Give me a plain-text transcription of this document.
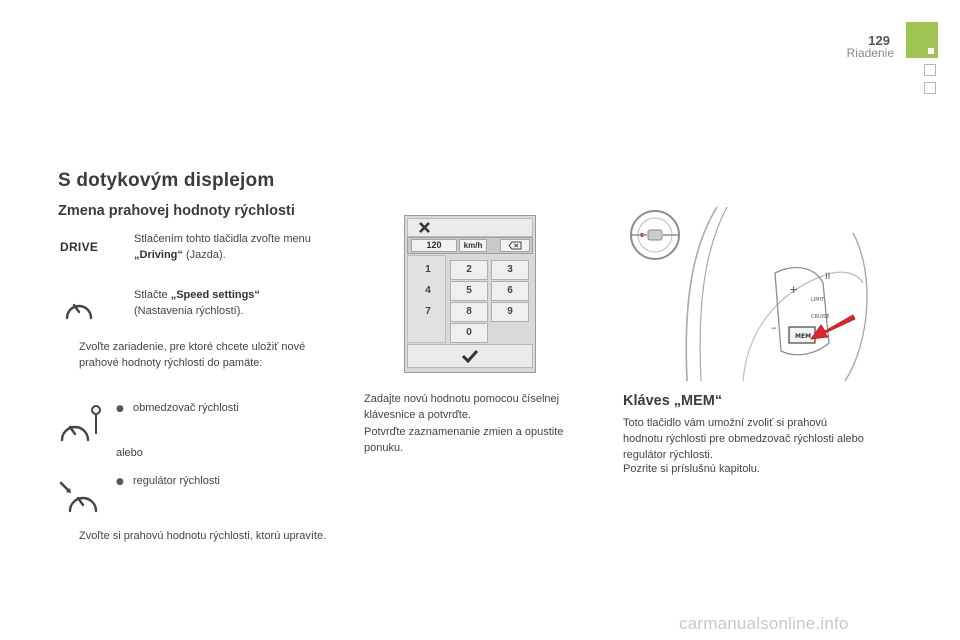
129
Riadenie
S dotykovým displejom
Zmena prahovej hodnoty rýchlosti
DRIVE
Stlačením tohto tlačidla zvoľte menu „Driving“ (Jazda).
Stlačte „Speed settings“
(Nastavenia rýchlostí).
Zvoľte zariadenie, pre ktoré chcete uložiť nové prahové hodnoty rýchlosti do pamäte:
● obmedzovač rýchlosti
alebo
● regulátor rýchlosti
Zvoľte si prahovú hodnotu rýchlosti, ktorú upravíte.
120	km/h
1	2	3
4	5	6
7	8	9
0
Zadajte novú hodnotu pomocou číselnej klávesnice a potvrďte.
Potvrďte zaznamenanie zmien a opustite ponuku.
+
II
LIMIT
CRUISE
–
MEM
Kláves „MEM“
Toto tlačidlo vám umožní zvoliť si prahovú hodnotu rýchlosti pre obmedzovač rýchlosti alebo regulátor rýchlosti.
Pozrite si príslušnú kapitolu.
carmanualsonline.info
